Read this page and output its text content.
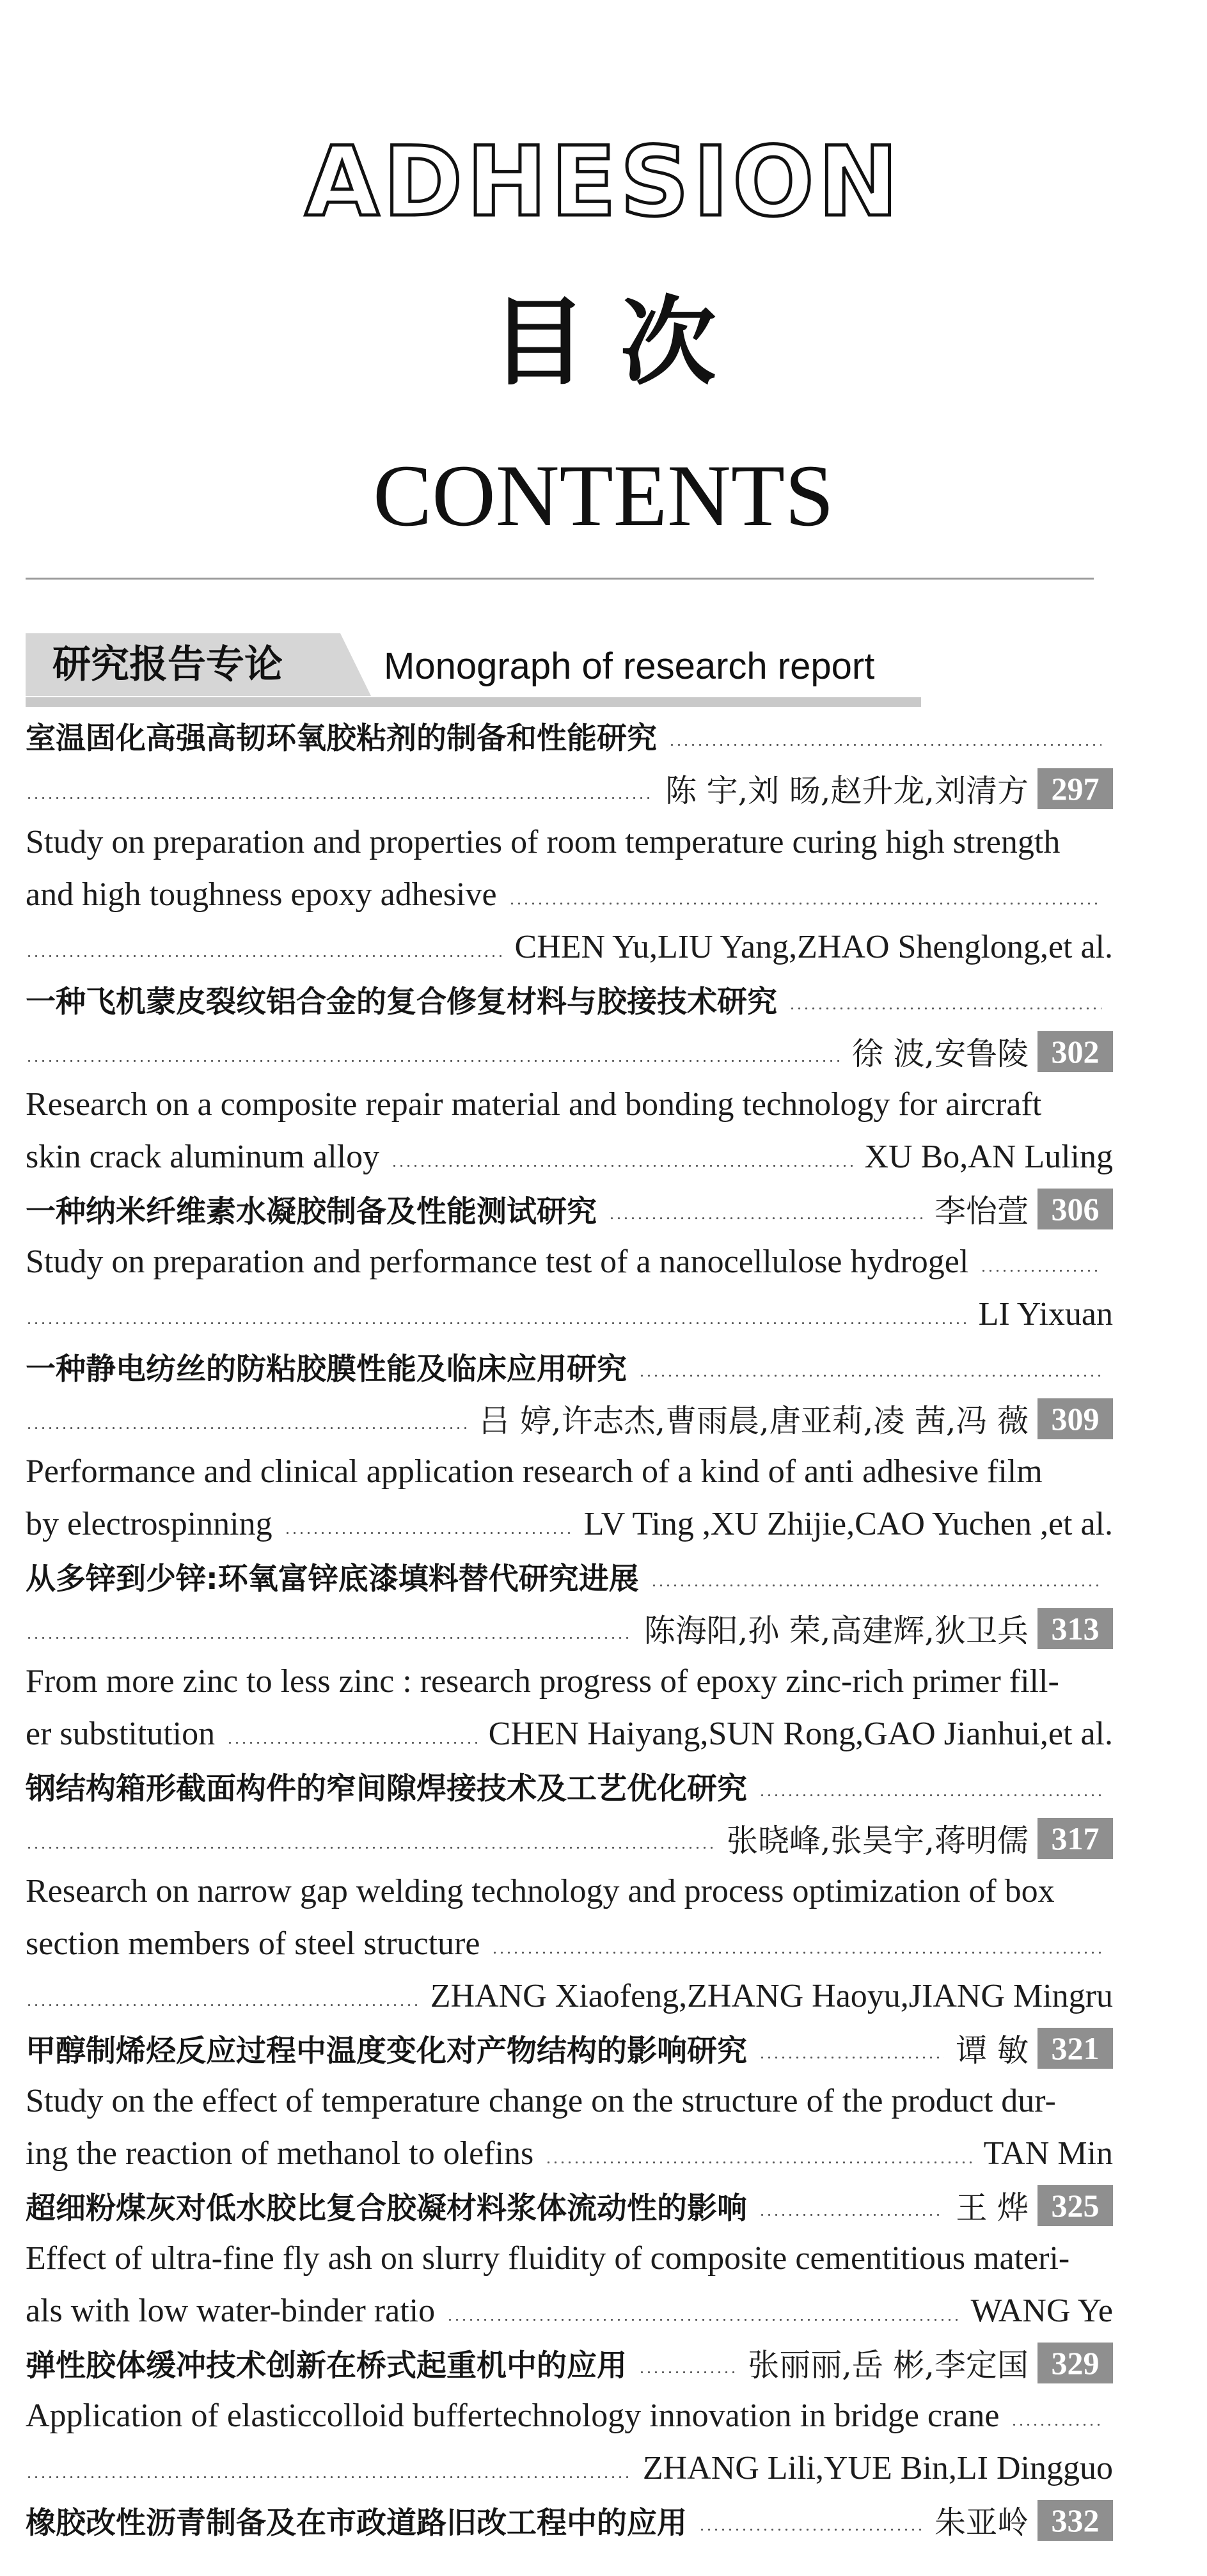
ADHESION
目 次
CONTENTS
研究报告专论	Monograph of research report
室温固化高强高韧环氧胶粘剂的制备和性能研究
陈 宇,刘 旸,赵升龙,刘清方 297
Study on preparation and properties of room temperature curing high strength
and high toughness epoxy adhesive
CHEN Yu,LIU Yang,ZHAO Shenglong,et al.
一种飞机蒙皮裂纹铝合金的复合修复材料与胶接技术研究
徐 波,安鲁陵 302
Research on a composite repair material and bonding technology for aircraft
skin crack aluminum alloy	XU Bo,AN Luling
一种纳米纤维素水凝胶制备及性能测试研究	李怡萱 306
Study on preparation and performance test of a nanocellulose hydrogel
LI Yixuan
一种静电纺丝的防粘胶膜性能及临床应用研究
吕 婷,许志杰,曹雨晨,唐亚莉,凌 茜,冯 薇 309
Performance and clinical application research of a kind of anti adhesive film
by electrospinning	LV Ting ,XU Zhijie,CAO Yuchen ,et al.
从多锌到少锌:环氧富锌底漆填料替代研究进展
陈海阳,孙 荣,高建辉,狄卫兵 313
From more zinc to less zinc : research progress of epoxy zinc-rich primer fill-
er substitution	CHEN Haiyang,SUN Rong,GAO Jianhui,et al.
钢结构箱形截面构件的窄间隙焊接技术及工艺优化研究
张晓峰,张昊宇,蒋明儒 317
Research on narrow gap welding technology and process optimization of box
section members of steel structure
ZHANG Xiaofeng,ZHANG Haoyu,JIANG Mingru
甲醇制烯烃反应过程中温度变化对产物结构的影响研究	谭 敏 321
Study on the effect of temperature change on the structure of the product dur-
ing the reaction of methanol to olefins	TAN Min
超细粉煤灰对低水胶比复合胶凝材料浆体流动性的影响	王 烨 325
Effect of ultra-fine fly ash on slurry fluidity of composite cementitious materi-
als with low water-binder ratio	WANG Ye
弹性胶体缓冲技术创新在桥式起重机中的应用	张丽丽,岳 彬,李定国 329
Application of elasticcolloid buffertechnology innovation in bridge crane
ZHANG Lili,YUE Bin,LI Dingguo
橡胶改性沥青制备及在市政道路旧改工程中的应用	朱亚岭 332
